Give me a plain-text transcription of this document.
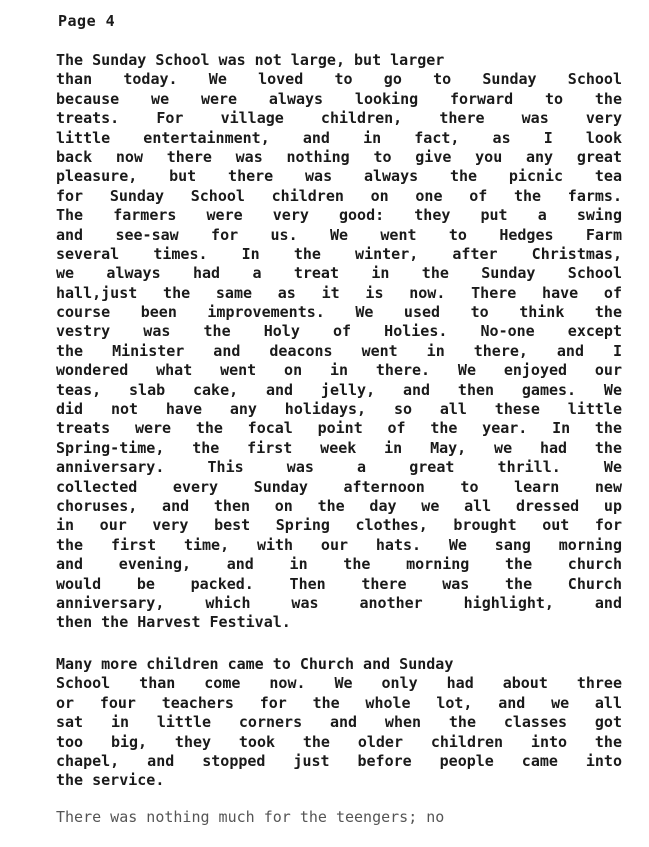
Page 4
The Sunday School was not large, but larger
than today. We loved to go to Sunday School
because we were always looking forward to the
treats. For village children, there was very
little entertainment, and in fact, as I look
back now there was nothing to give you any great
pleasure, but there was always the picnic tea
for Sunday School children on one of the farms.
The farmers were very good: they put a swing
and see-saw for us. We went to Hedges Farm
several times. In the winter, after Christmas,
we always had a treat in the Sunday School
hall,just the same as it is now. There have of
course been improvements. We used to think the
vestry was the Holy of Holies. No-one except
the Minister and deacons went in there, and I
wondered what went on in there. We enjoyed our
teas, slab cake, and jelly, and then games. We
did not have any holidays, so all these little
treats were the focal point of the year. In the
Spring-time, the first week in May, we had the
anniversary. This was a great thrill. We
collected every Sunday afternoon to learn new
choruses, and then on the day we all dressed up
in our very best Spring clothes, brought out for
the first time, with our hats. We sang morning
and evening, and in the morning the church
would be packed. Then there was the Church
anniversary, which was another highlight, and
then the Harvest Festival.
Many more children came to Church and Sunday
School than come now. We only had about three
or four teachers for the whole lot, and we all
sat in little corners and when the classes got
too big, they took the older children into the
chapel, and stopped just before people came into
the service.
There was nothing much for the teengers; no
